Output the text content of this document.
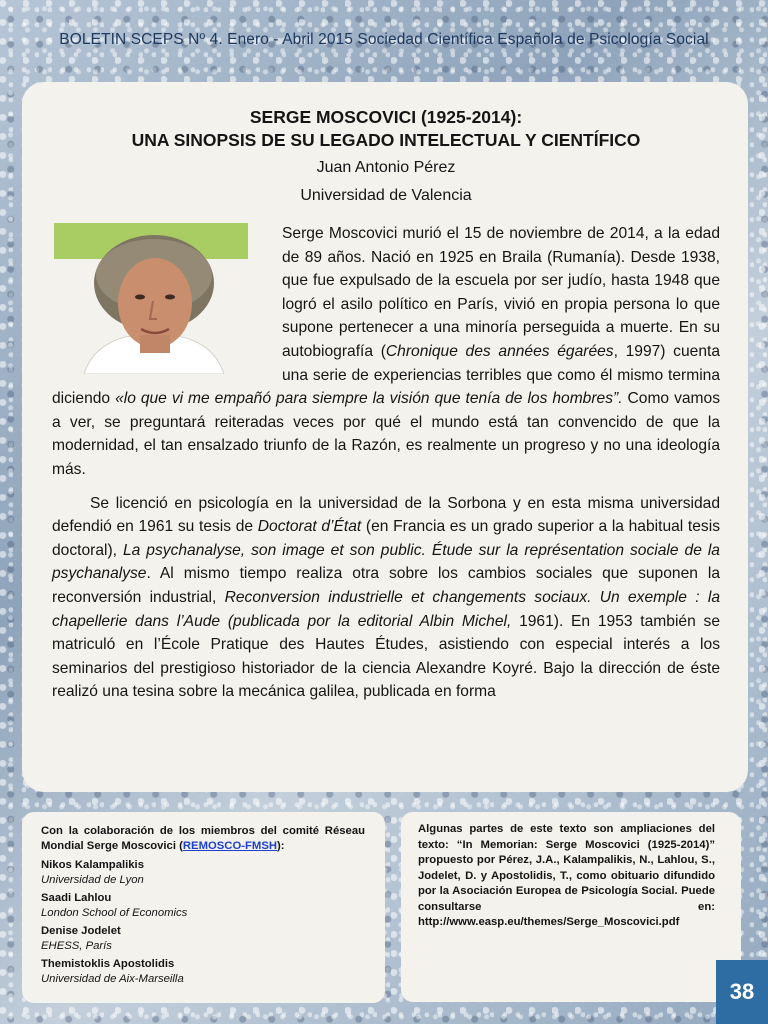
BOLETIN SCEPS Nº 4. Enero - Abril 2015 Sociedad Científica Española de Psicología Social
SERGE MOSCOVICI (1925-2014):
UNA SINOPSIS DE SU LEGADO INTELECTUAL Y CIENTÍFICO
Juan Antonio Pérez
Universidad de Valencia

Serge Moscovici murió el 15 de noviembre de 2014, a la edad de 89 años. Nació en 1925 en Braila (Rumanía). Desde 1938, que fue expulsado de la escuela por ser judío, hasta 1948 que logró el asilo político en París, vivió en propia persona lo que supone pertenecer a una minoría perseguida a muerte. En su autobiografía (Chronique des années égarées, 1997) cuenta una serie de experiencias terribles que como él mismo termina diciendo «lo que vi me empañó para siempre la visión que tenía de los hombres”. Como vamos a ver, se preguntará reiteradas veces por qué el mundo está tan convencido de que la modernidad, el tan ensalzado triunfo de la Razón, es realmente un progreso y no una ideología más.

Se licenció en psicología en la universidad de la Sorbona y en esta misma universidad defendió en 1961 su tesis de Doctorat d’État (en Francia es un grado superior a la habitual tesis doctoral), La psychanalyse, son image et son public. Étude sur la représentation sociale de la psychanalyse. Al mismo tiempo realiza otra sobre los cambios sociales que suponen la reconversión industrial, Reconversion industrielle et changements sociaux. Un exemple : la chapellerie dans l’Aude (publicada por la editorial Albin Michel, 1961). En 1953 también se matriculó en l’École Pratique des Hautes Études, asistiendo con especial interés a los seminarios del prestigioso historiador de la ciencia Alexandre Koyré. Bajo la dirección de éste realizó una tesina sobre la mecánica galilea, publicada en forma

Con la colaboración de los miembros del comité Réseau Mondial Serge Moscovici (REMOSCO-FMSH):
Nikos Kalampalikis
Universidad de Lyon
Saadi Lahlou
London School of Economics
Denise Jodelet
EHESS, París
Themistoklis Apostolidis
Universidad de Aix-Marseilla
Algunas partes de este texto son ampliaciones del texto: “In Memorian: Serge Moscovici (1925-2014)” propuesto por Pérez, J.A., Kalampalikis, N., Lahlou, S., Jodelet, D. y Apostolidis, T., como obituario difundido por la Asociación Europea de Psicología Social. Puede consultarse en: http://www.easp.eu/themes/Serge_Moscovici.pdf
38
